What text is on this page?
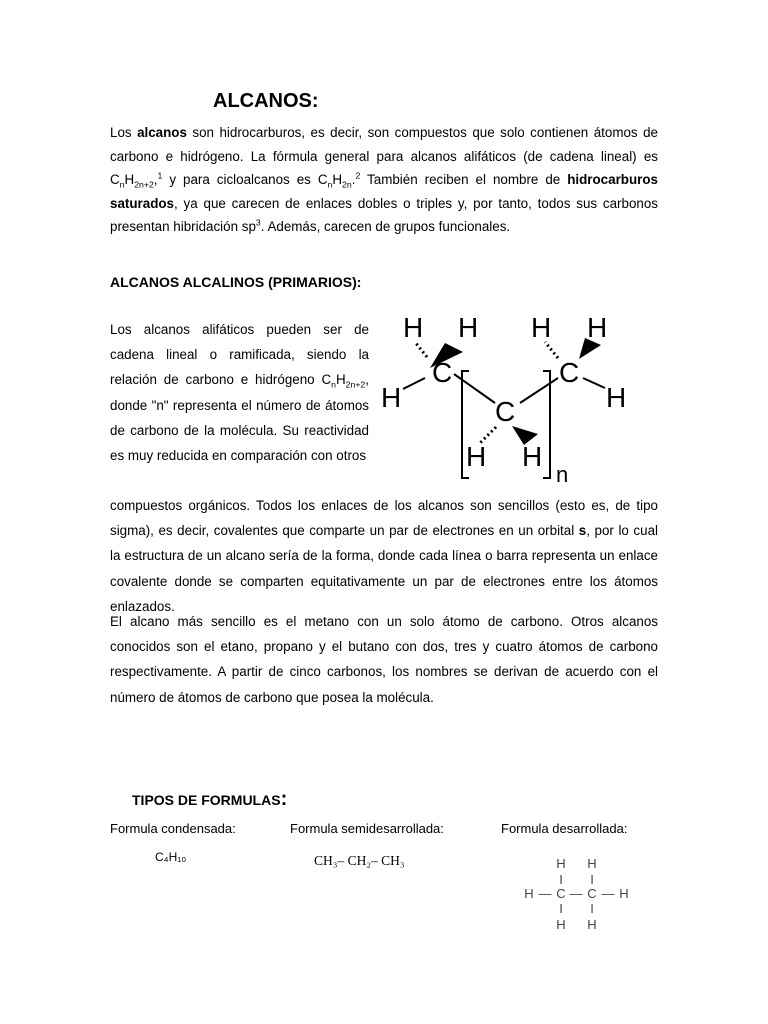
ALCANOS:
Los alcanos son hidrocarburos, es decir, son compuestos que solo contienen átomos de carbono e hidrógeno. La fórmula general para alcanos alifáticos (de cadena lineal) es $C_nH_{2n+2},^1$ y para cicloalcanos es $C_nH_{2n}.^2$ También reciben el nombre de hidrocarburos saturados, ya que carecen de enlaces dobles o triples y, por tanto, todos sus carbonos presentan hibridación $sp^3$. Además, carecen de grupos funcionales.
ALCANOS ALCALINOS (PRIMARIOS):
Los alcanos alifáticos pueden ser de cadena lineal o ramificada, siendo la relación de carbono e hidrógeno $C_nH_{2n+2}$, donde "n" representa el número de átomos de carbono de la molécula. Su reactividad es muy reducida en comparación con otros
C
C
C
H H H H
H	H
H H
n
compuestos orgánicos. Todos los enlaces de los alcanos son sencillos (esto es, de tipo sigma), es decir, covalentes que comparte un par de electrones en un orbital s, por lo cual la estructura de un alcano sería de la forma, donde cada línea o barra representa un enlace covalente donde se comparten equitativamente un par de electrones entre los átomos enlazados.
El alcano más sencillo es el metano con un solo átomo de carbono. Otros alcanos conocidos son el etano, propano y el butano con dos, tres y cuatro átomos de carbono respectivamente. A partir de cinco carbonos, los nombres se derivan de acuerdo con el número de átomos de carbono que posea la molécula.
TIPOS DE FORMULAS:
Formula condensada:	Formula semidesarrollada:	Formula desarrollada:
C₄H₁₀	CH₃– CH₂– CH₃	H H
I I
H — C — C — H
I I
H H
